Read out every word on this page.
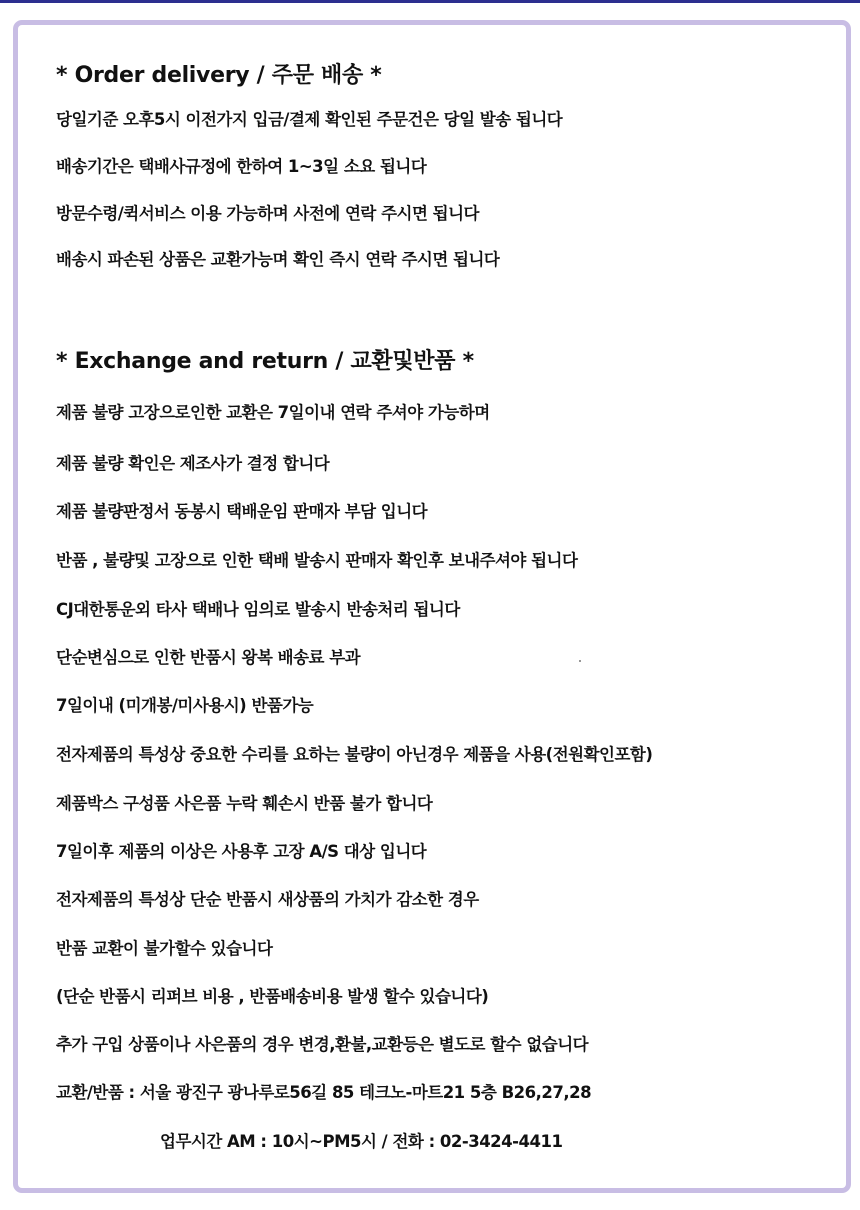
* Order delivery / 주문 배송 *
당일기준 오후5시 이전가지 입금/결제 확인된 주문건은 당일 발송 됩니다
배송기간은 택배사규정에 한하여 1~3일 소요 됩니다
방문수령/퀵서비스 이용 가능하며 사전에 연락 주시면 됩니다
배송시 파손된 상품은 교환가능며 확인 즉시 연락 주시면 됩니다
* Exchange and return / 교환및반품 *
제품 불량 고장으로인한 교환은 7일이내 연락 주셔야 가능하며
제품 불량 확인은 제조사가 결정 합니다
제품 불량판정서 동봉시 택배운임 판매자 부담 입니다
반품 , 불량및 고장으로 인한 택배 발송시 판매자 확인후 보내주셔야 됩니다
CJ대한통운외 타사 택배나 임의로 발송시 반송처리 됩니다
단순변심으로 인한 반품시 왕복 배송료 부과
7일이내 (미개봉/미사용시) 반품가능
전자제품의 특성상 중요한 수리를 요하는 불량이 아닌경우 제품을 사용(전원확인포함)
제품박스 구성품 사은품 누락 훼손시 반품 불가 합니다
7일이후 제품의 이상은 사용후 고장 A/S 대상 입니다
전자제품의 특성상 단순 반품시 새상품의 가치가 감소한 경우
반품 교환이 불가할수 있습니다
(단순 반품시 리퍼브 비용 , 반품배송비용 발생 할수 있습니다)
추가 구입 상품이나 사은품의 경우 변경,환불,교환등은 별도로 할수 없습니다
교환/반품 : 서울 광진구 광나루로56길 85 테크노-마트21 5층 B26,27,28
업무시간 AM : 10시~PM5시 / 전화 : 02-3424-4411
